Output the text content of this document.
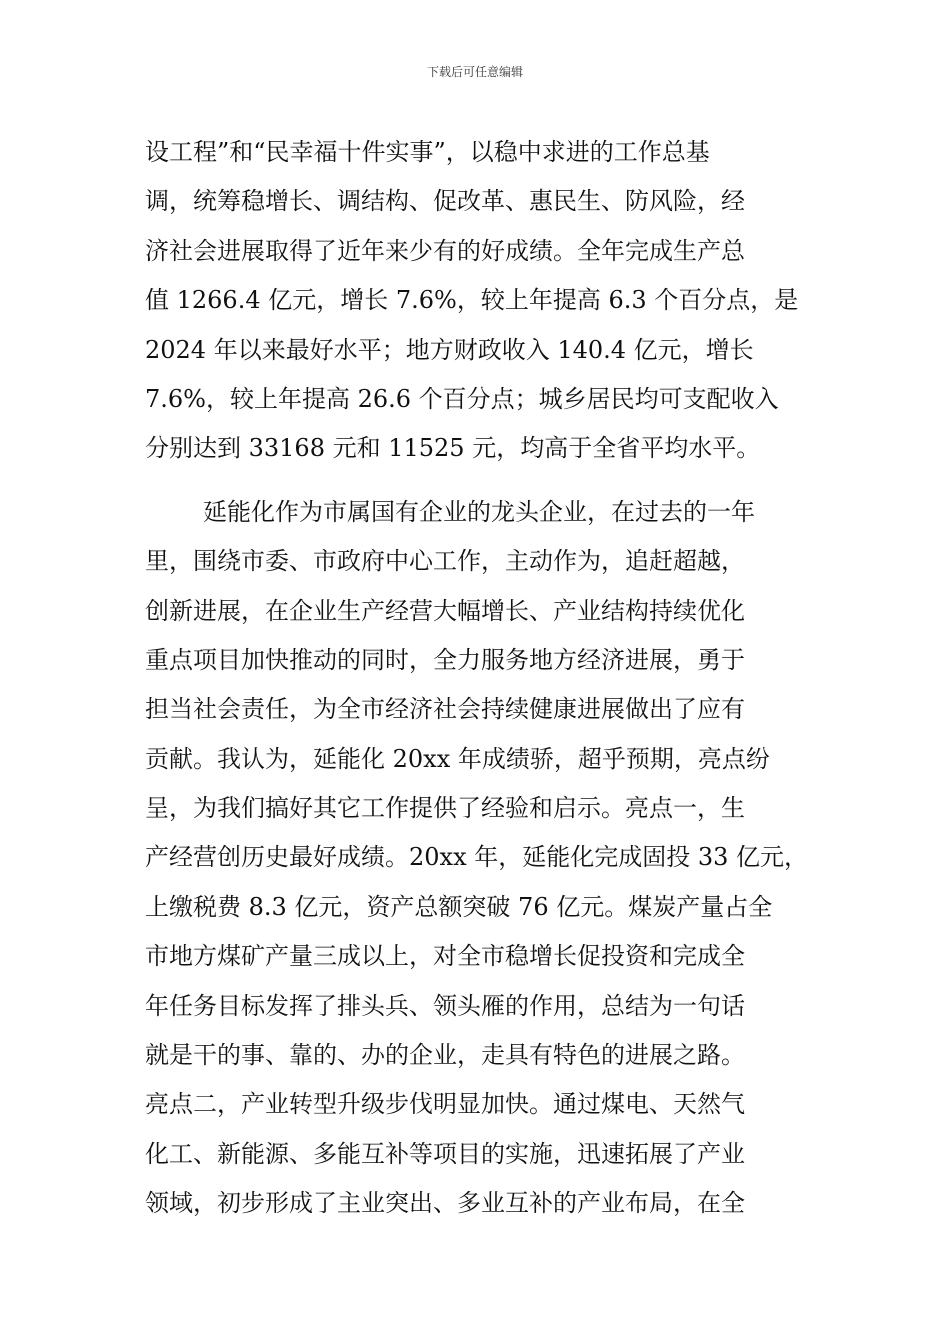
下载后可任意编辑
设工程”和“民幸福十件实事”，以稳中求进的工作总基
调，统筹稳增长、调结构、促改革、惠民生、防风险，经
济社会进展取得了近年来少有的好成绩。全年完成生产总
值 1266.4 亿元，增长 7.6%，较上年提高 6.3 个百分点，是
2024 年以来最好水平；地方财政收入 140.4 亿元，增长
7.6%，较上年提高 26.6 个百分点；城乡居民均可支配收入
分别达到 33168 元和 11525 元，均高于全省平均水平。
延能化作为市属国有企业的龙头企业，在过去的一年
里，围绕市委、市政府中心工作，主动作为，追赶超越，
创新进展，在企业生产经营大幅增长、产业结构持续优化
重点项目加快推动的同时，全力服务地方经济进展，勇于
担当社会责任，为全市经济社会持续健康进展做出了应有
贡献。我认为，延能化 20xx 年成绩骄，超乎预期，亮点纷
呈，为我们搞好其它工作提供了经验和启示。亮点一，生
产经营创历史最好成绩。20xx 年，延能化完成固投 33 亿元，
上缴税费 8.3 亿元，资产总额突破 76 亿元。煤炭产量占全
市地方煤矿产量三成以上，对全市稳增长促投资和完成全
年任务目标发挥了排头兵、领头雁的作用，总结为一句话
就是干的事、靠的、办的企业，走具有特色的进展之路。
亮点二，产业转型升级步伐明显加快。通过煤电、天然气
化工、新能源、多能互补等项目的实施，迅速拓展了产业
领域，初步形成了主业突出、多业互补的产业布局，在全
